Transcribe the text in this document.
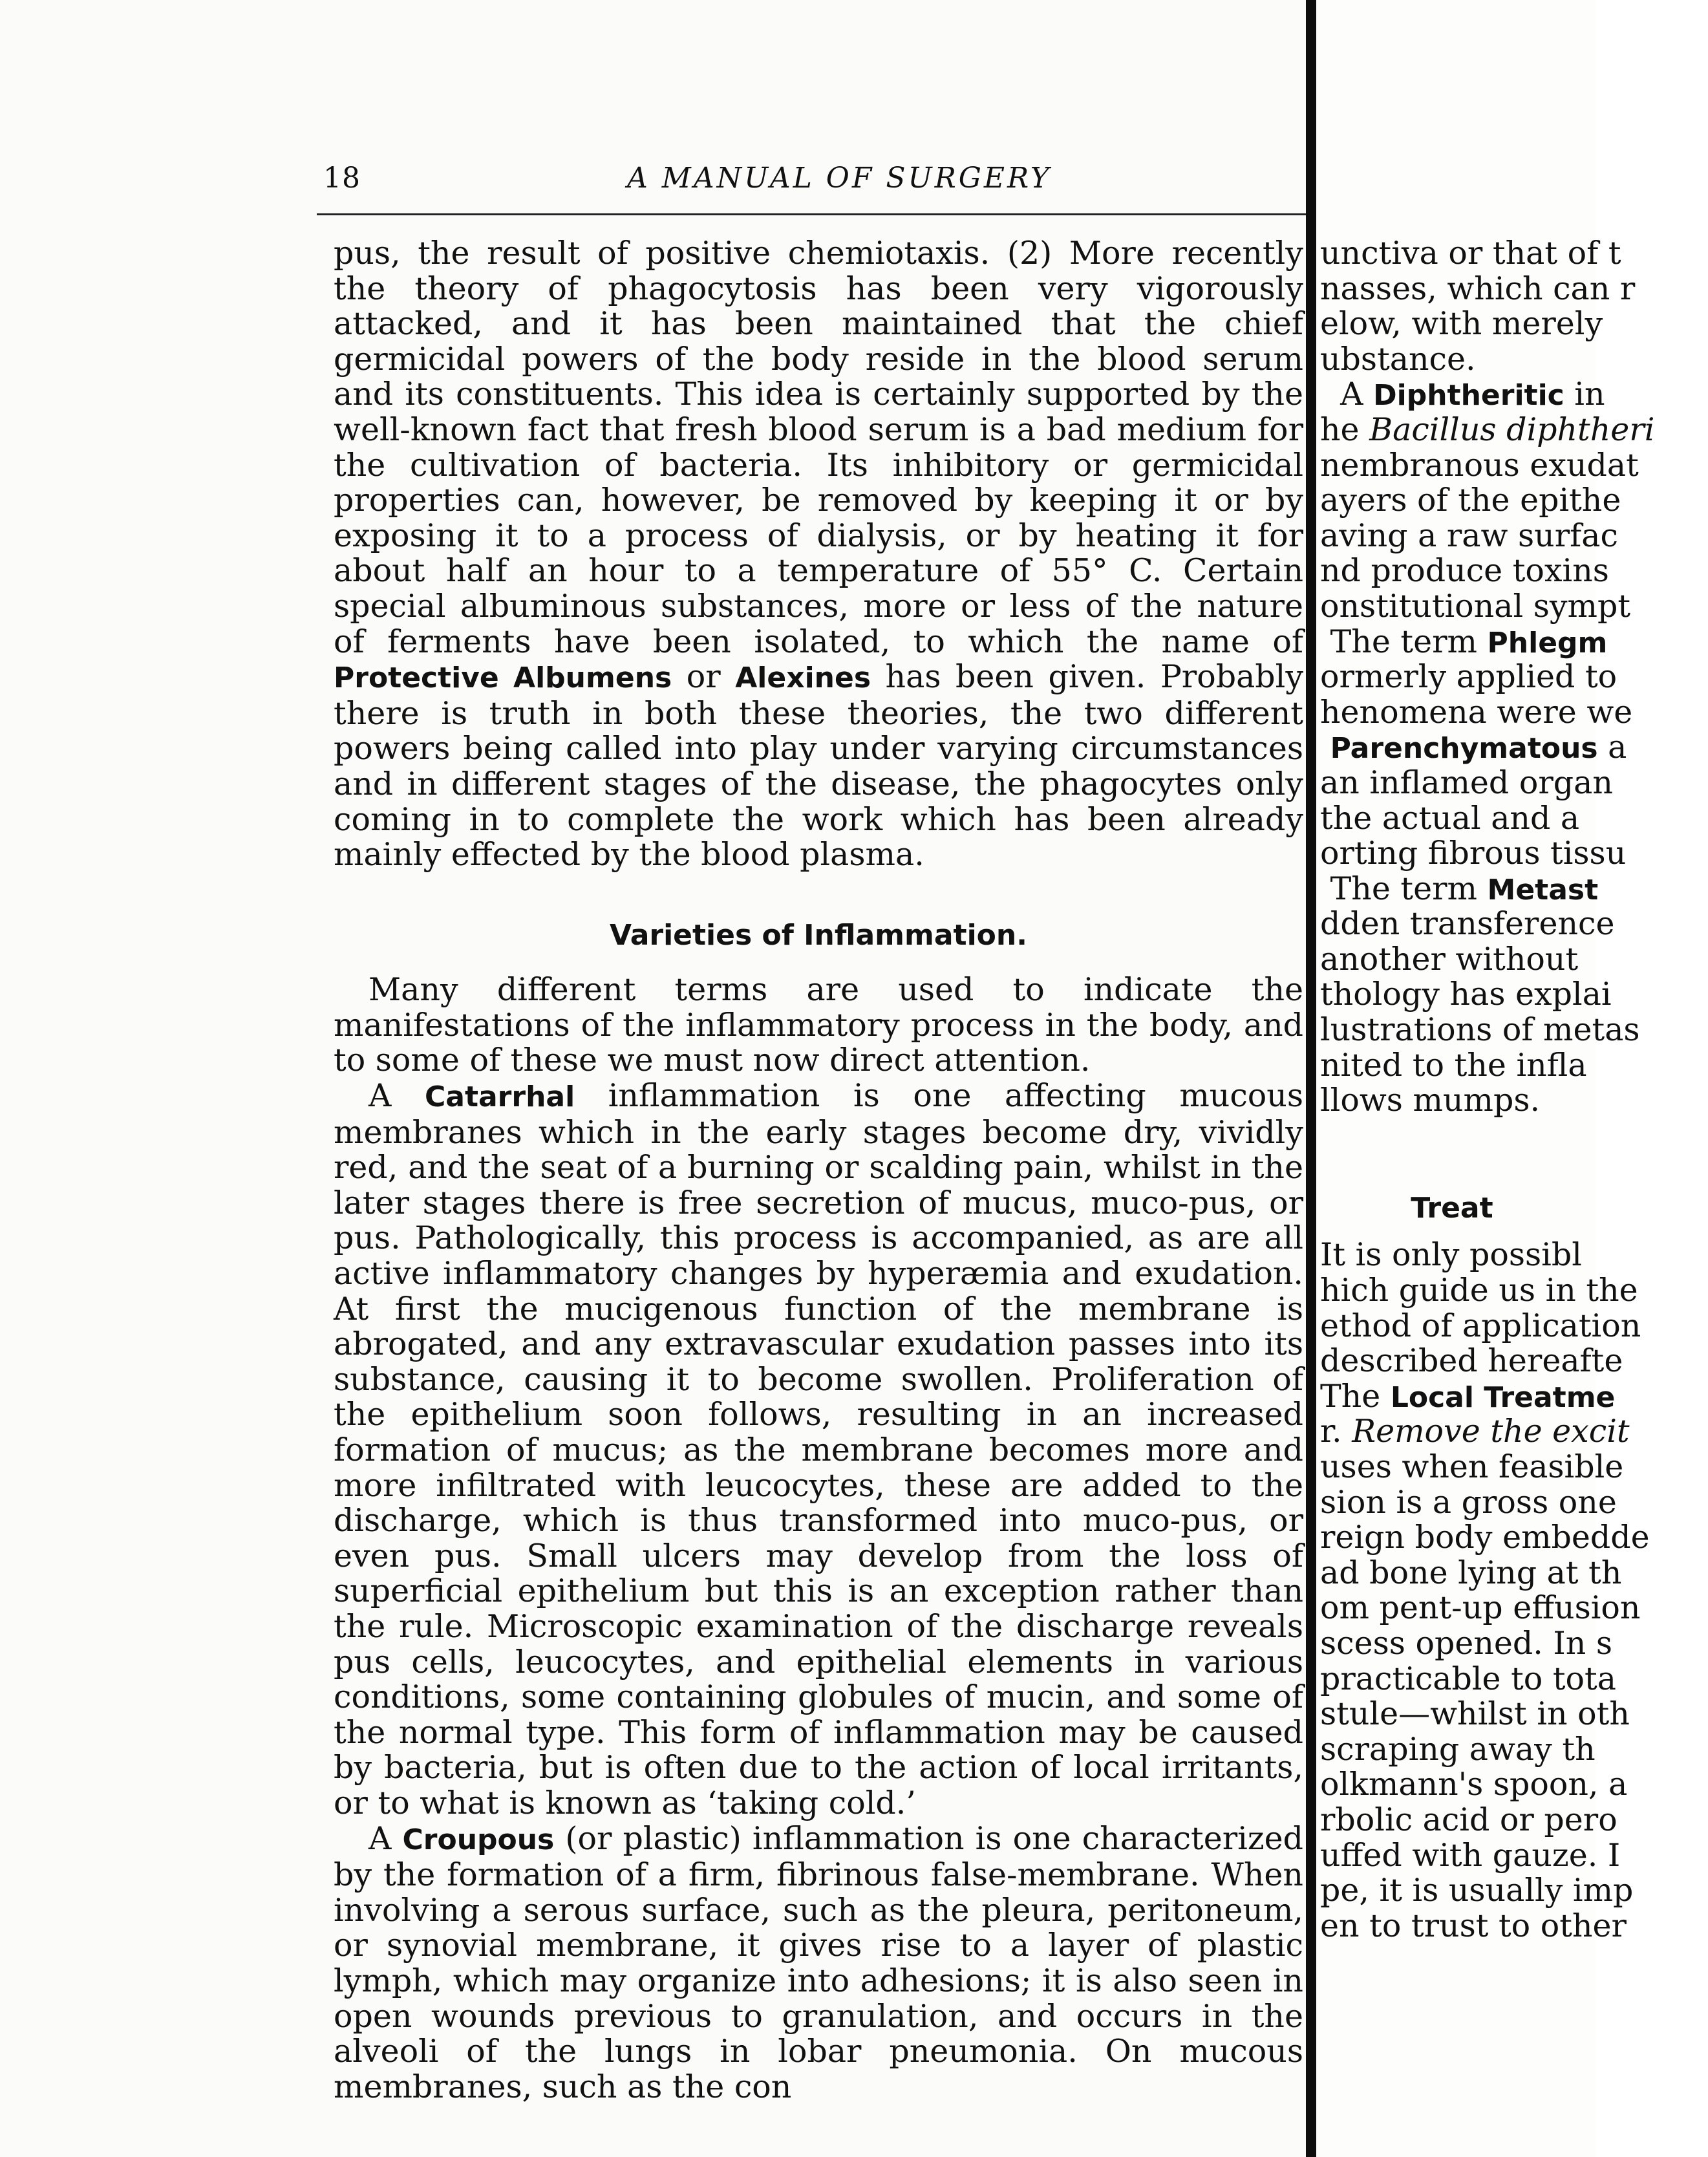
18	A MANUAL OF SURGERY

pus, the result of positive chemiotaxis. (2) More recently the theory of phagocytosis has been very vigorously attacked, and it has been maintained that the chief germicidal powers of the body reside in the blood serum and its constituents. This idea is certainly supported by the well-known fact that fresh blood serum is a bad medium for the cultivation of bacteria. Its inhibitory or germicidal properties can, however, be removed by keeping it or by exposing it to a process of dialysis, or by heating it for about half an hour to a temperature of 55° C. Certain special albuminous substances, more or less of the nature of ferments have been isolated, to which the name of Protective Albumens or Alexines has been given. Probably there is truth in both these theories, the two different powers being called into play under varying circumstances and in different stages of the disease, the phagocytes only coming in to complete the work which has been already mainly effected by the blood plasma.

Varieties of Inflammation.

Many different terms are used to indicate the manifestations of the inflammatory process in the body, and to some of these we must now direct attention.

A Catarrhal inflammation is one affecting mucous membranes which in the early stages become dry, vividly red, and the seat of a burning or scalding pain, whilst in the later stages there is free secretion of mucus, muco-pus, or pus. Pathologically, this process is accompanied, as are all active inflammatory changes by hyperæmia and exudation. At first the mucigenous function of the membrane is abrogated, and any extravascular exudation passes into its substance, causing it to become swollen. Proliferation of the epithelium soon follows, resulting in an increased formation of mucus; as the membrane becomes more and more infiltrated with leucocytes, these are added to the discharge, which is thus transformed into muco-pus, or even pus. Small ulcers may develop from the loss of superficial epithelium but this is an exception rather than the rule. Microscopic examination of the discharge reveals pus cells, leucocytes, and epithelial elements in various conditions, some containing globules of mucin, and some of the normal type. This form of inflammation may be caused by bacteria, but is often due to the action of local irritants, or to what is known as ‘taking cold.’

A Croupous (or plastic) inflammation is one characterized by the formation of a firm, fibrinous false-membrane. When involving a serous surface, such as the pleura, peritoneum, or synovial membrane, it gives rise to a layer of plastic lymph, which may organize into adhesions; it is also seen in open wounds previous to granulation, and occurs in the alveoli of the lungs in lobar pneumonia. On mucous membranes, such as the con

unctiva or that of t
nasses, which can r
elow, with merely
ubstance.
A Diphtheritic in
he Bacillus diphtheri
nembranous exudat
ayers of the epithe
aving a raw surfac
nd produce toxins
onstitutional sympt
The term Phlegm
ormerly applied to
henomena were we
Parenchymatous a
an inflamed organ
the actual and a
orting fibrous tissu
The term Metast
dden transference
another without
thology has explai
lustrations of metas
nited to the infla
llows mumps.
Treat
It is only possibl
hich guide us in the
ethod of application
described hereafte
The Local Treatme
r. Remove the excit
uses when feasible
sion is a gross one
reign body embedde
ad bone lying at th
om pent-up effusion
scess opened. In s
practicable to tota
stule—whilst in oth
scraping away th
olkmann's spoon, a
rbolic acid or pero
uffed with gauze. I
pe, it is usually imp
en to trust to other
